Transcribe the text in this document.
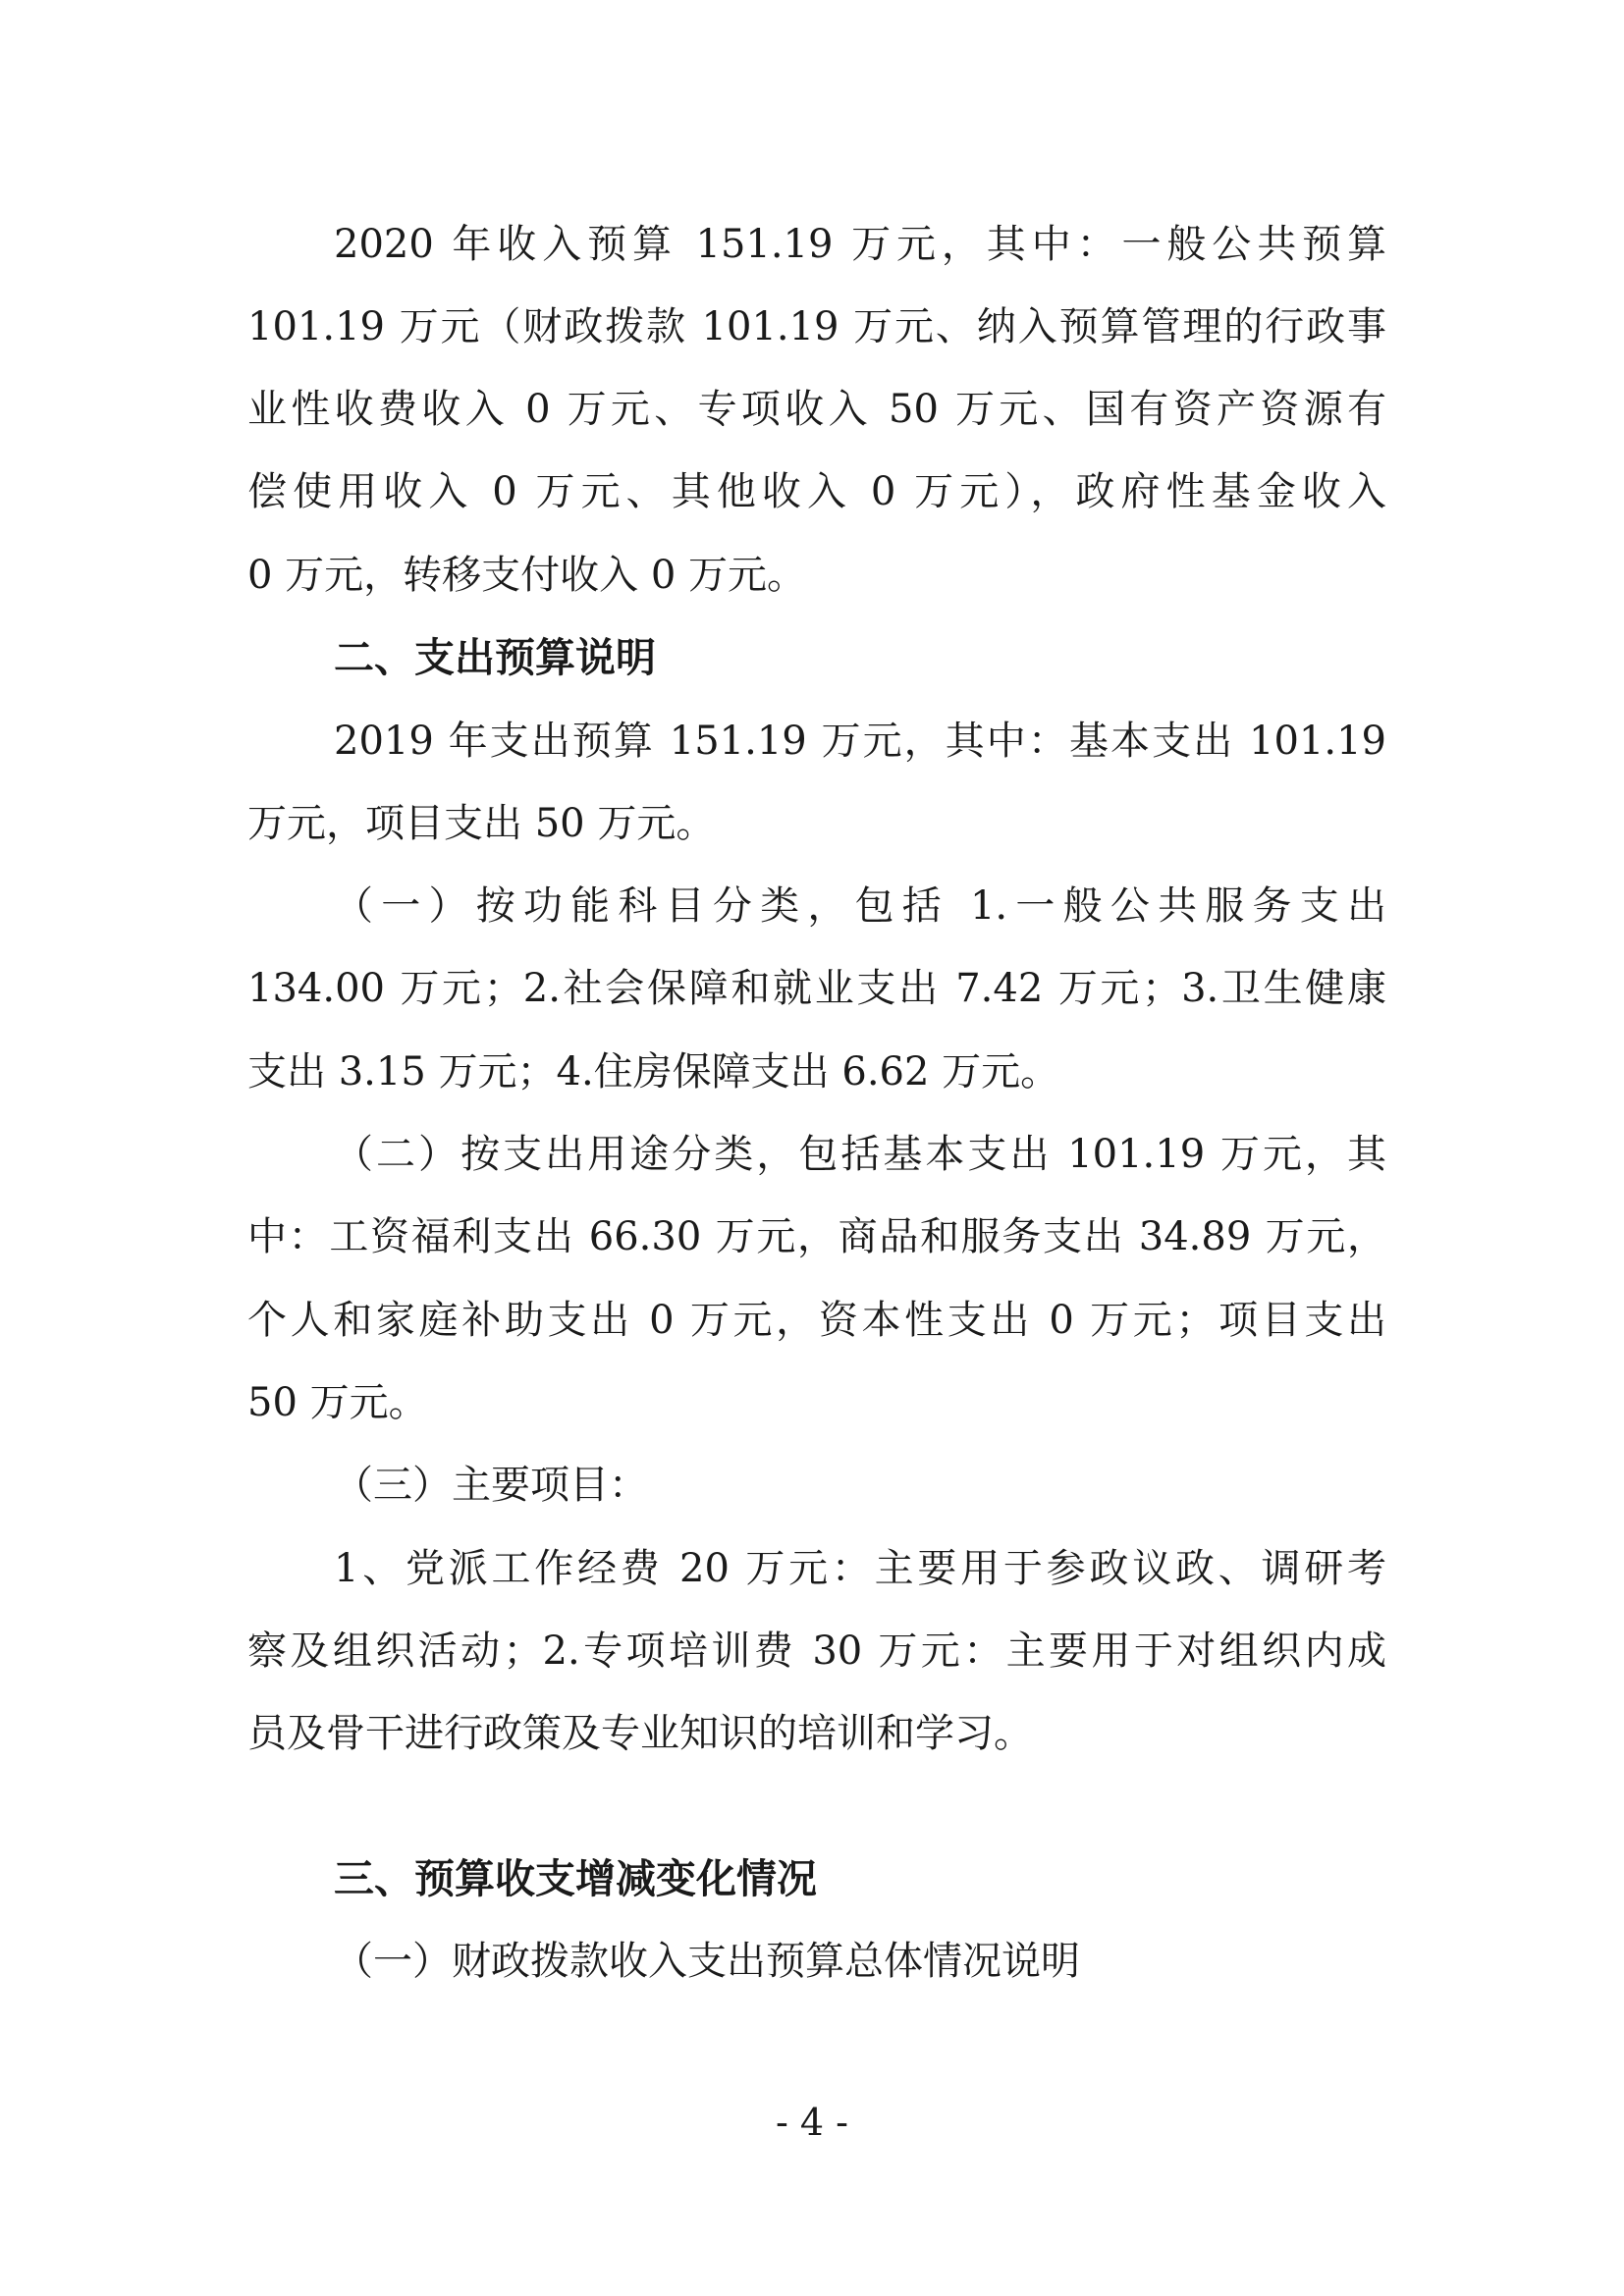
2020 年收入预算 151.19 万元，其中：一般公共预算
101.19 万元（财政拨款 101.19 万元、纳入预算管理的行政事
业性收费收入 0 万元、专项收入 50 万元、国有资产资源有
偿使用收入 0 万元、其他收入 0 万元），政府性基金收入
0 万元，转移支付收入 0 万元。
二、支出预算说明
2019 年支出预算 151.19 万元，其中：基本支出 101.19
万元，项目支出 50 万元。
（一）按功能科目分类，包括 1.一般公共服务支出
134.00 万元；2.社会保障和就业支出 7.42 万元；3.卫生健康
支出 3.15 万元；4.住房保障支出 6.62 万元。
（二）按支出用途分类，包括基本支出 101.19 万元，其
中：工资福利支出 66.30 万元，商品和服务支出 34.89 万元，
个人和家庭补助支出 0 万元，资本性支出 0 万元；项目支出
50 万元。
（三）主要项目：
1、党派工作经费 20 万元：主要用于参政议政、调研考
察及组织活动；2.专项培训费 30 万元：主要用于对组织内成
员及骨干进行政策及专业知识的培训和学习。
三、预算收支增减变化情况
（一）财政拨款收入支出预算总体情况说明
- 4 -
